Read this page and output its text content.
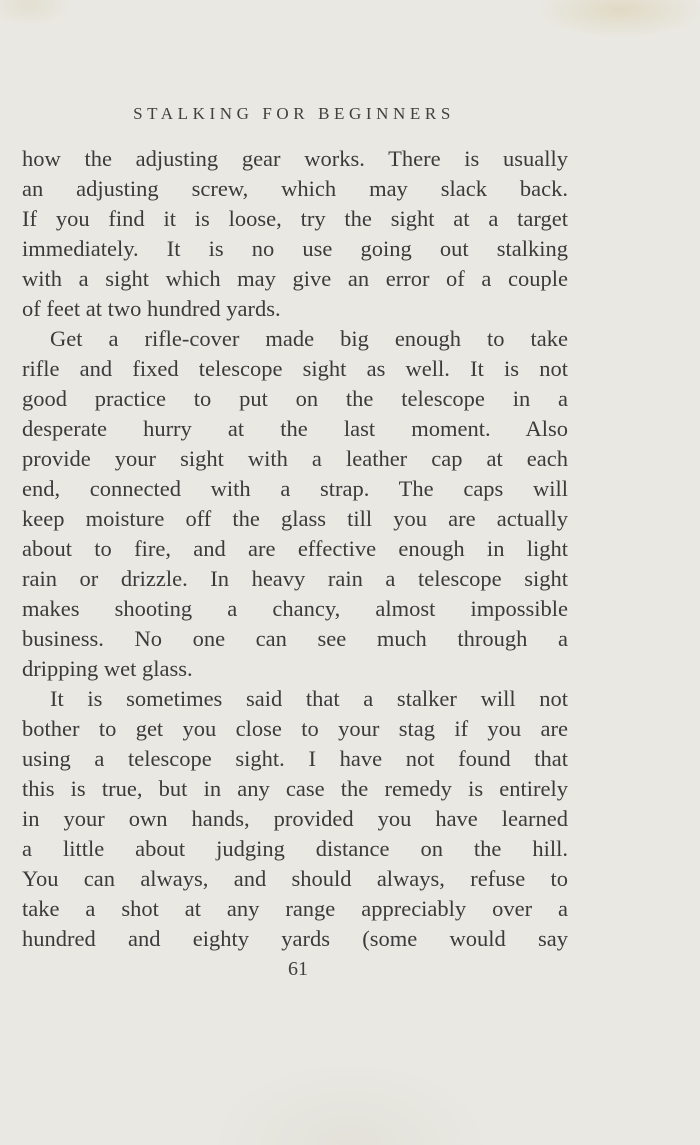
STALKING FOR BEGINNERS
how the adjusting gear works. There is usually
an adjusting screw, which may slack back.
If you find it is loose, try the sight at a target
immediately. It is no use going out stalking
with a sight which may give an error of a couple
of feet at two hundred yards.
Get a rifle-cover made big enough to take
rifle and fixed telescope sight as well. It is not
good practice to put on the telescope in a
desperate hurry at the last moment. Also
provide your sight with a leather cap at each
end, connected with a strap. The caps will
keep moisture off the glass till you are actually
about to fire, and are effective enough in light
rain or drizzle. In heavy rain a telescope sight
makes shooting a chancy, almost impossible
business. No one can see much through a
dripping wet glass.
It is sometimes said that a stalker will not
bother to get you close to your stag if you are
using a telescope sight. I have not found that
this is true, but in any case the remedy is entirely
in your own hands, provided you have learned
a little about judging distance on the hill.
You can always, and should always, refuse to
take a shot at any range appreciably over a
hundred and eighty yards (some would say
61
